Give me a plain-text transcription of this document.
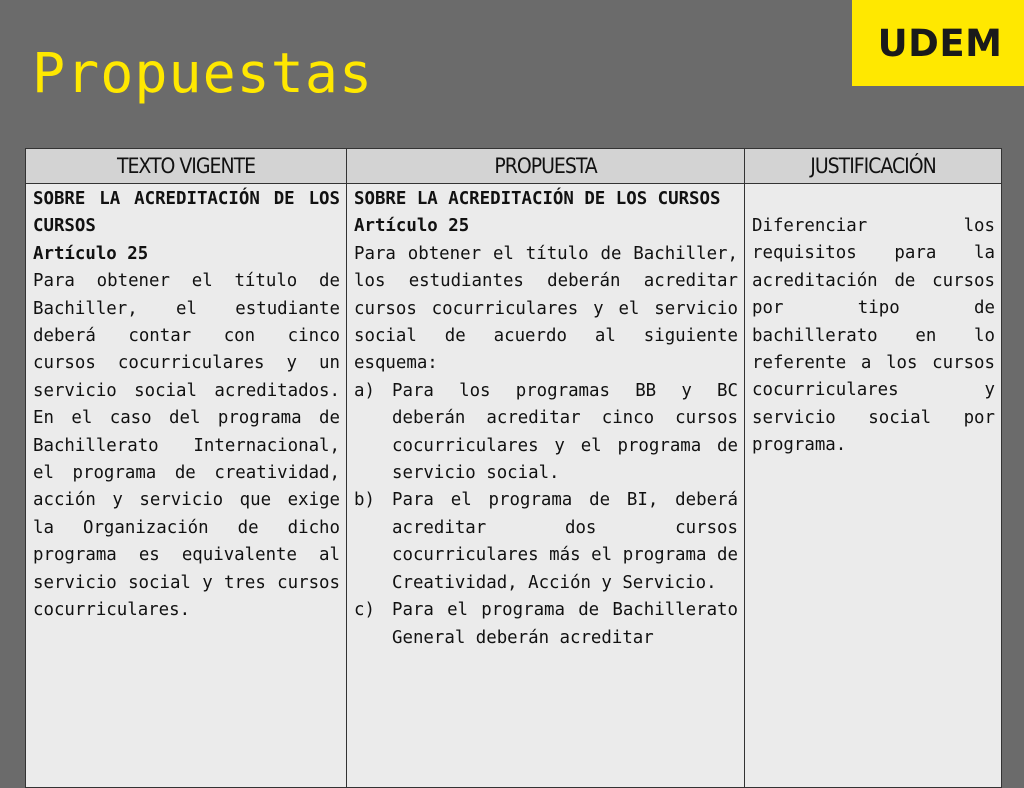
UDEM
Propuestas
TEXTO VIGENTE	PROPUESTA	JUSTIFICACIÓN

SOBRE LA ACREDITACIÓN DE LOS CURSOS

Artículo 25

Para obtener el título de Bachiller, el estudiante deberá contar con cinco cursos cocurriculares y un servicio social acreditados. En el caso del programa de Bachillerato Internacional, el programa de creatividad, acción y servicio que exige la Organización de dicho programa es equivalente al servicio social y tres cursos cocurriculares.

SOBRE LA ACREDITACIÓN DE LOS CURSOS

Artículo 25

Para obtener el título de Bachiller, los estudiantes deberán acreditar cursos cocurriculares y el servicio social de acuerdo al siguiente esquema:

a) Para los programas BB y BC deberán acreditar cinco cursos cocurriculares y el programa de servicio social.
b) Para el programa de BI, deberá acreditar dos cursos cocurriculares más el programa de Creatividad, Acción y Servicio.
c) Para el programa de Bachillerato General deberán acreditar

Diferenciar los requisitos para la acreditación de cursos por tipo de bachillerato en lo referente a los cursos cocurriculares y servicio social por programa.
